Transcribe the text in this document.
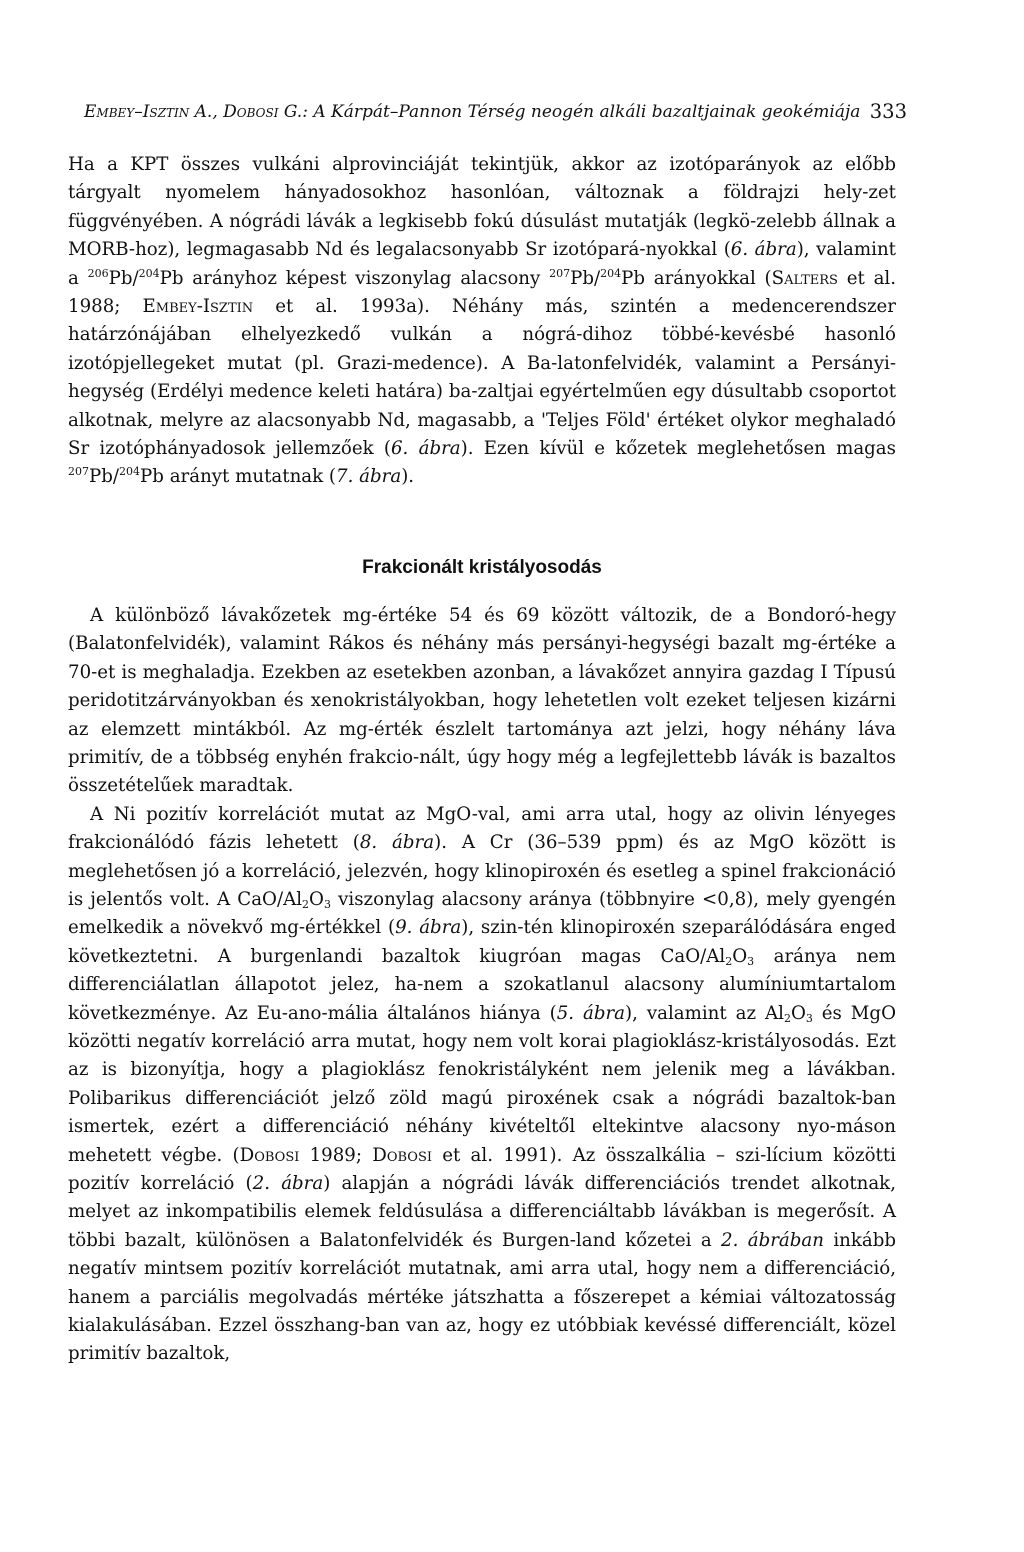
Embey–Isztin A., Dobosi G.: A Kárpát–Pannon Térség neogén alkáli bazaltjainak geokémiája 333

Ha a KPT összes vulkáni alprovinciáját tekintjük, akkor az izotóparányok az előbb tárgyalt nyomelem hányadosokhoz hasonlóan, változnak a földrajzi hely-zet függvényében. A nógrádi lávák a legkisebb fokú dúsulást mutatják (legkö-zelebb állnak a MORB-hoz), legmagasabb Nd és legalacsonyabb Sr izotópará-nyokkal (6. ábra), valamint a $^{206}$Pb/$^{204}$Pb arányhoz képest viszonylag alacsony $^{207}$Pb/$^{204}$Pb arányokkal (Salters et al. 1988; Embey-Isztin et al. 1993a). Néhány más, szintén a medencerendszer határzónájában elhelyezkedő vulkán a nógrá-dihoz többé-kevésbé hasonló izotópjellegeket mutat (pl. Grazi-medence). A Ba-latonfelvidék, valamint a Persányi-hegység (Erdélyi medence keleti határa) ba-zaltjai egyértelműen egy dúsultabb csoportot alkotnak, melyre az alacsonyabb Nd, magasabb, a 'Teljes Föld' értéket olykor meghaladó Sr izotóphányadosok jellemzőek (6. ábra). Ezen kívül e kőzetek meglehetősen magas $^{207}$Pb/$^{204}$Pb arányt mutatnak (7. ábra).

Frakcionált kristályosodás

A különböző lávakőzetek mg-értéke 54 és 69 között változik, de a Bondoró-hegy (Balatonfelvidék), valamint Rákos és néhány más persányi-hegységi bazalt mg-értéke a 70-et is meghaladja. Ezekben az esetekben azonban, a lávakőzet annyira gazdag I Típusú peridotitzárványokban és xenokristályokban, hogy lehetetlen volt ezeket teljesen kizárni az elemzett mintákból. Az mg-érték észlelt tartománya azt jelzi, hogy néhány láva primitív, de a többség enyhén frakcio-nált, úgy hogy még a legfejlettebb lávák is bazaltos összetételűek maradtak.

A Ni pozitív korrelációt mutat az MgO-val, ami arra utal, hogy az olivin lényeges frakcionálódó fázis lehetett (8. ábra). A Cr (36–539 ppm) és az MgO között is meglehetősen jó a korreláció, jelezvén, hogy klinopiroxén és esetleg a spinel frakcionáció is jelentős volt. A CaO/$Al_2O_3$ viszonylag alacsony aránya (többnyire <0,8), mely gyengén emelkedik a növekvő mg-értékkel (9. ábra), szin-tén klinopiroxén szeparálódására enged következtetni. A burgenlandi bazaltok kiugróan magas CaO/$Al_2O_3$ aránya nem differenciálatlan állapotot jelez, ha-nem a szokatlanul alacsony alumíniumtartalom következménye. Az Eu-ano-mália általános hiánya (5. ábra), valamint az $Al_2O_3$ és MgO közötti negatív korreláció arra mutat, hogy nem volt korai plagioklász-kristályosodás. Ezt az is bizonyítja, hogy a plagioklász fenokristályként nem jelenik meg a lávákban. Polibarikus differenciációt jelző zöld magú piroxének csak a nógrádi bazaltok-ban ismertek, ezért a differenciáció néhány kivételtől eltekintve alacsony nyo-máson mehetett végbe. (Dobosi 1989; Dobosi et al. 1991). Az összalkália – szi-lícium közötti pozitív korreláció (2. ábra) alapján a nógrádi lávák differenciációs trendet alkotnak, melyet az inkompatibilis elemek feldúsulása a differenciáltabb lávákban is megerősít. A többi bazalt, különösen a Balatonfelvidék és Burgen-land kőzetei a 2. ábrában inkább negatív mintsem pozitív korrelációt mutatnak, ami arra utal, hogy nem a differenciáció, hanem a parciális megolvadás mértéke játszhatta a főszerepet a kémiai változatosság kialakulásában. Ezzel összhang-ban van az, hogy ez utóbbiak kevéssé differenciált, közel primitív bazaltok,
